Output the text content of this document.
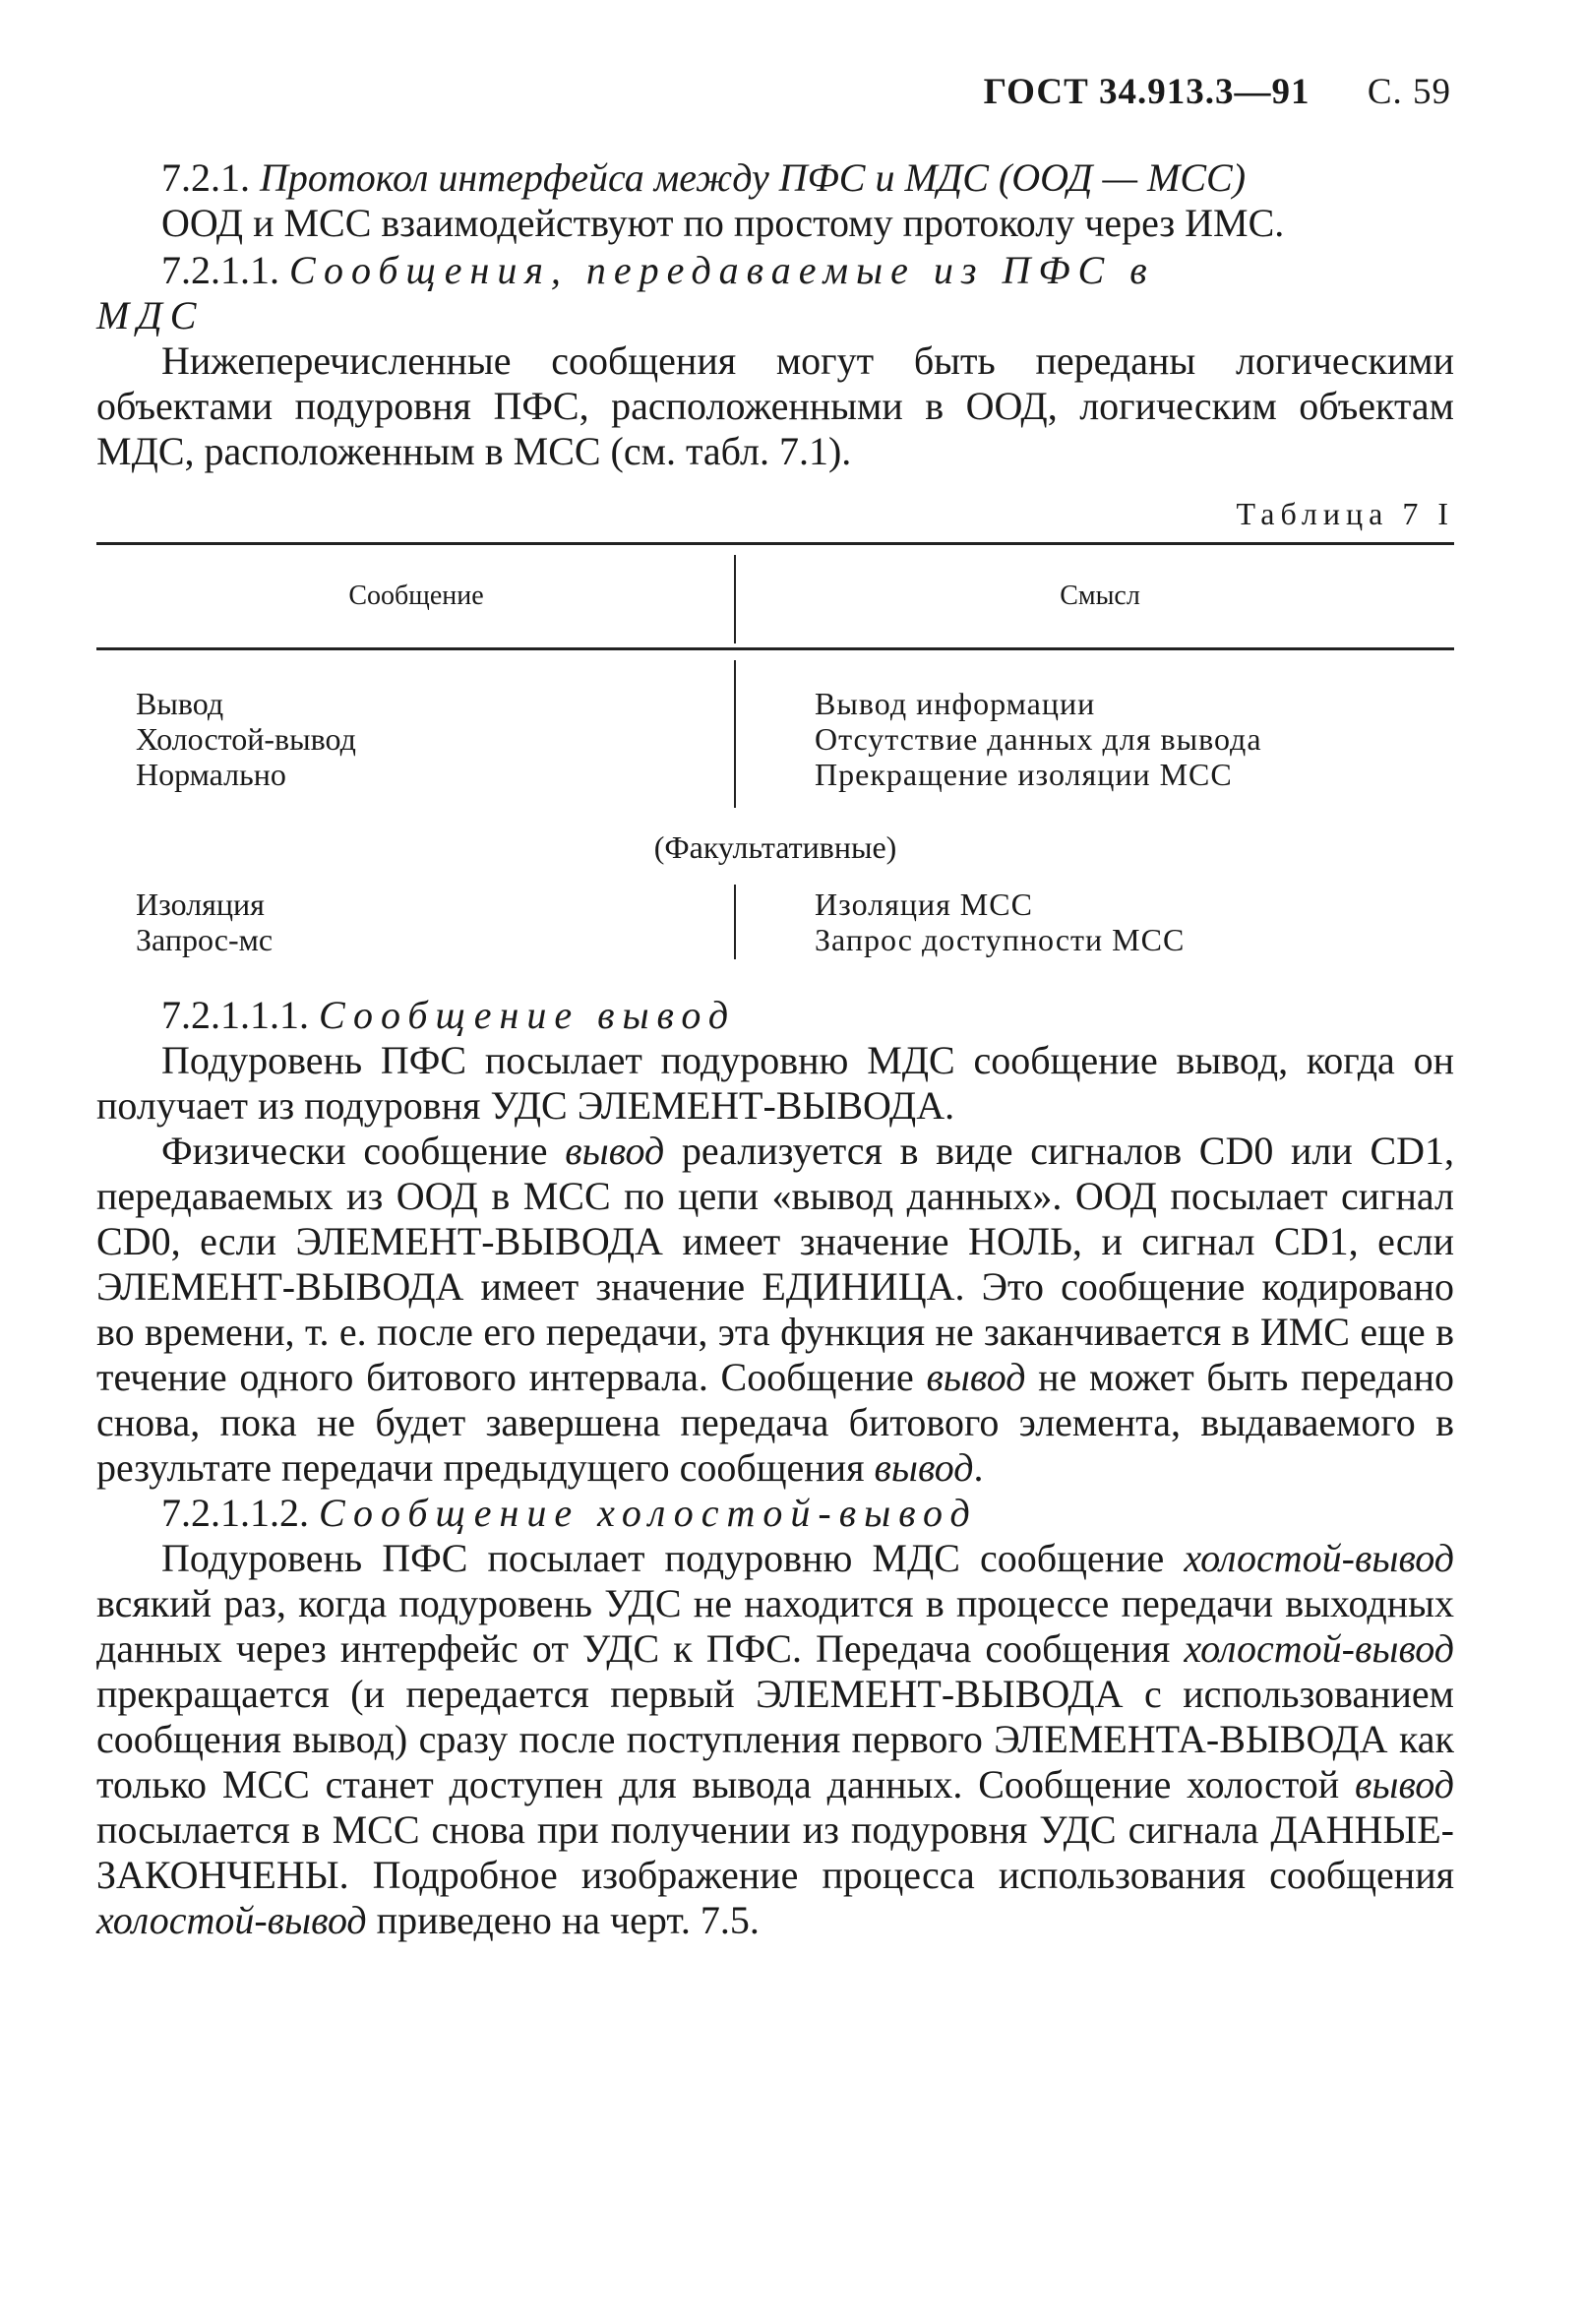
ГОСТ 34.913.3—91 С. 59

7.2.1. Протокол интерфейса между ПФС и МДС (ООД — МСС)

ООД и МСС взаимодействуют по простому протоколу через ИМС.

7.2.1.1. Сообщения, передаваемые из ПФС в

МДС

Нижеперечисленные сообщения могут быть переданы логическими объектами подуровня ПФС, расположенными в ООД, логическим объектам МДС, расположенным в МСС (см. табл. 7.1).

Таблица 7 I
Сообщение	Смысл
Вывод
Холостой-вывод
Нормально
Вывод информации
Отсутствие данных для вывода
Прекращение изоляции МСС
(Факультативные)
Изоляция
Запрос-мс
Изоляция МСС
Запрос доступности МСС

7.2.1.1.1. Сообщение вывод

Подуровень ПФС посылает подуровню МДС сообщение вывод, когда он получает из подуровня УДС ЭЛЕМЕНТ-ВЫВОДА.

Физически сообщение вывод реализуется в виде сигналов CD0 или CD1, передаваемых из ООД в МСС по цепи «вывод данных». ООД посылает сигнал CD0, если ЭЛЕМЕНТ-ВЫВОДА имеет значение НОЛЬ, и сигнал CD1, если ЭЛЕМЕНТ-ВЫВОДА имеет значение ЕДИНИЦА. Это сообщение кодировано во времени, т. е. после его передачи, эта функция не заканчивается в ИМС еще в течение одного битового интервала. Сообщение вывод не может быть передано снова, пока не будет завершена передача битового элемента, выдаваемого в результате передачи предыдущего сообщения вывод.

7.2.1.1.2. Сообщение холостой-вывод

Подуровень ПФС посылает подуровню МДС сообщение холостой-вывод всякий раз, когда подуровень УДС не находится в процессе передачи выходных данных через интерфейс от УДС к ПФС. Передача сообщения холостой-вывод прекращается (и передается первый ЭЛЕМЕНТ-ВЫВОДА с использованием сообщения вывод) сразу после поступления первого ЭЛЕМЕНТА-ВЫВОДА как только МСС станет доступен для вывода данных. Сообщение холостой вывод посылается в МСС снова при получении из подуровня УДС сигнала ДАННЫЕ-ЗАКОНЧЕНЫ. Подробное изображение процесса использования сообщения холостой-вывод приведено на черт. 7.5.
